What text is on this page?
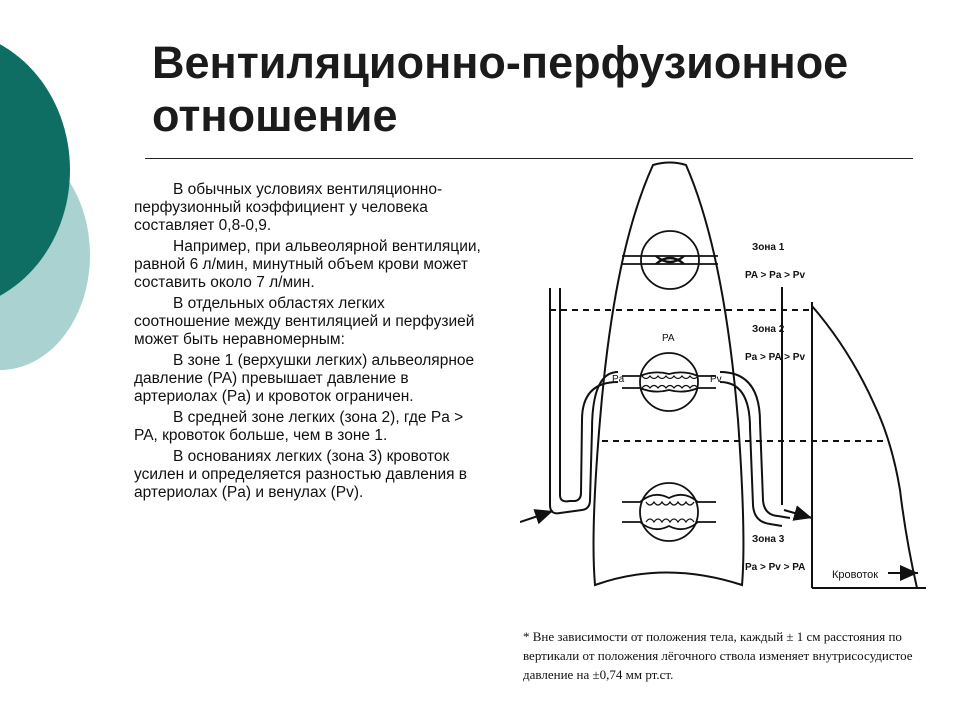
Вентиляционно-перфузионное отношение

В обычных условиях вентиляционно-перфузионный коэффициент у человека составляет 0,8-0,9.

Например, при альвеолярной вентиляции, равной 6 л/мин, минутный объем крови может составить около 7 л/мин.

В отдельных областях легких соотношение между вентиляцией и перфузией может быть неравномерным:

В зоне 1 (верхушки легких) альвеолярное давление (PA) превышает давление в артериолах (Pa) и кровоток ограничен.

В средней зоне легких (зона 2), где Pa > PA, кровоток больше, чем в зоне 1.

В основаниях легких (зона 3) кровоток усилен и определяется разностью давления в артериолах (Pa) и венулах (Pv).

Кровоток
PA
Pa	Pv
Зона 1
PA > Pa > Pv
Зона 2
Pa > PA > Pv
Зона 3
Pa > Pv > PA
* Вне зависимости от положения тела, каждый ± 1 см расстояния по вертикали от положения лёгочного ствола изменяет внутрисосудистое давление на ±0,74 мм рт.ст.
